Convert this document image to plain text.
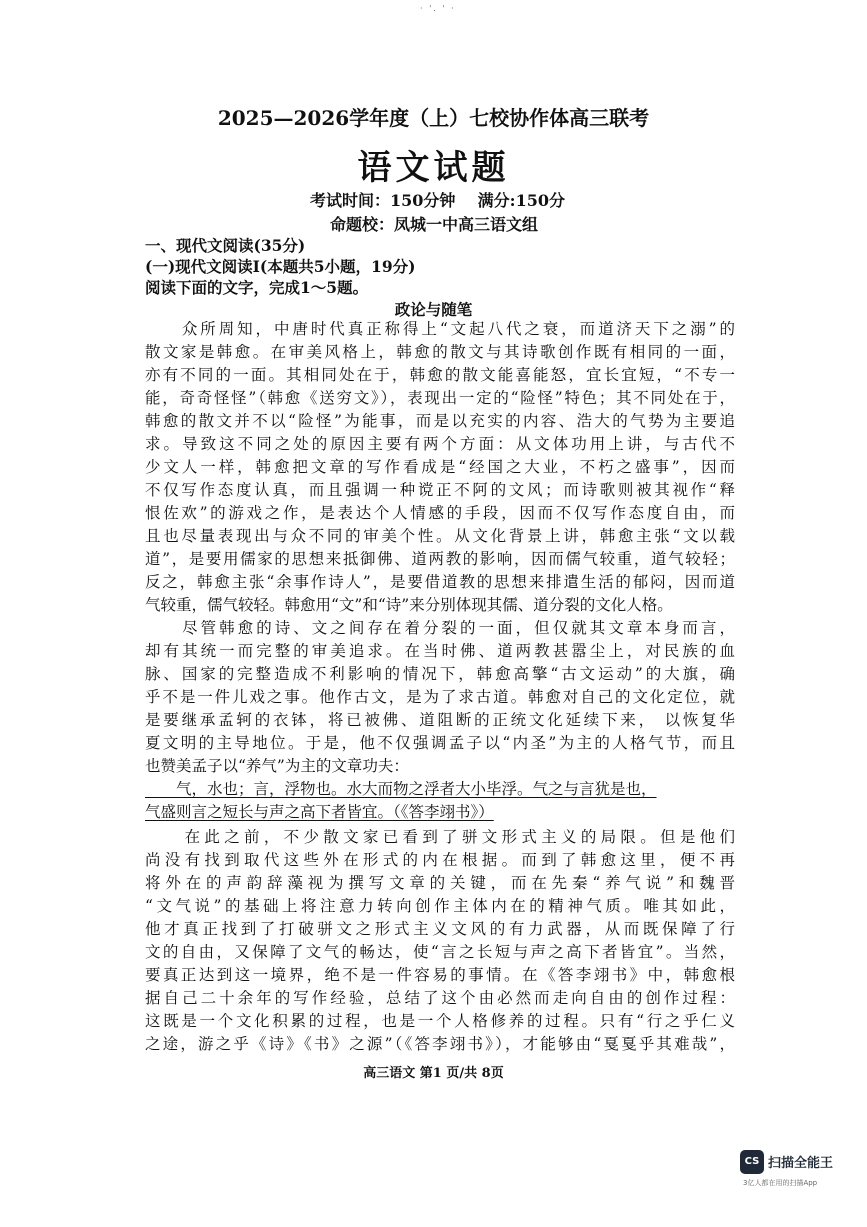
· '. ' ·
2025—2026学年度（上）七校协作体高三联考
语文试题
考试时间：150分钟    满分:150分
命题校：凤城一中高三语文组
一、现代文阅读(35分)
(一)现代文阅读Ⅰ(本题共5小题，19分)
阅读下面的文字，完成1～5题。
政论与随笔
　　众所周知，中唐时代真正称得上“文起八代之衰，而道济天下之溺”的
散文家是韩愈。在审美风格上，韩愈的散文与其诗歌创作既有相同的一面，
亦有不同的一面。其相同处在于，韩愈的散文能喜能怒，宜长宜短，“不专一
能，奇奇怪怪”（韩愈《送穷文》），表现出一定的“险怪”特色；其不同处在于，
韩愈的散文并不以“险怪”为能事，而是以充实的内容、浩大的气势为主要追
求。导致这不同之处的原因主要有两个方面：从文体功用上讲，与古代不
少文人一样，韩愈把文章的写作看成是“经国之大业，不朽之盛事”，因而
不仅写作态度认真，而且强调一种谠正不阿的文风；而诗歌则被其视作“释
恨佐欢”的游戏之作，是表达个人情感的手段，因而不仅写作态度自由，而
且也尽量表现出与众不同的审美个性。从文化背景上讲，韩愈主张“文以载
道”，是要用儒家的思想来抵御佛、道两教的影响，因而儒气较重，道气较轻；
反之，韩愈主张“余事作诗人”，是要借道教的思想来排遣生活的郁闷，因而道
气较重，儒气较轻。韩愈用“文”和“诗”来分别体现其儒、道分裂的文化人格。
　　尽管韩愈的诗、文之间存在着分裂的一面，但仅就其文章本身而言，
却有其统一而完整的审美追求。在当时佛、道两教甚嚣尘上，对民族的血
脉、国家的完整造成不利影响的情况下，韩愈高擎“古文运动”的大旗，确
乎不是一件儿戏之事。他作古文，是为了求古道。韩愈对自己的文化定位，就
是要继承孟轲的衣钵，将已被佛、道阻断的正统文化延续下来， 以恢复华
夏文明的主导地位。于是，他不仅强调孟子以“内圣”为主的人格气节，而且
也赞美孟子以“养气”为主的文章功夫：
　　气，水也；言，浮物也。水大而物之浮者大小毕浮。气之与言犹是也，
气盛则言之短长与声之高下者皆宜。（《答李翊书》）
　　在此之前，不少散文家已看到了骈文形式主义的局限。但是他们
尚没有找到取代这些外在形式的内在根据。而到了韩愈这里，便不再
将外在的声韵辞藻视为撰写文章的关键，而在先秦“养气说”和魏晋
“文气说”的基础上将注意力转向创作主体内在的精神气质。唯其如此，
他才真正找到了打破骈文之形式主义文风的有力武器，从而既保障了行
文的自由，又保障了文气的畅达，使“言之长短与声之高下者皆宜”。当然，
要真正达到这一境界，绝不是一件容易的事情。在《答李翊书》中，韩愈根
据自己二十余年的写作经验，总结了这个由必然而走向自由的创作过程：
这既是一个文化积累的过程，也是一个人格修养的过程。只有“行之乎仁义
之途，游之乎《诗》《书》之源”（《答李翊书》），才能够由“戛戛乎其难哉”，
高三语文 第1 页/共 8页
CS 扫描全能王
3亿人都在用的扫描App
